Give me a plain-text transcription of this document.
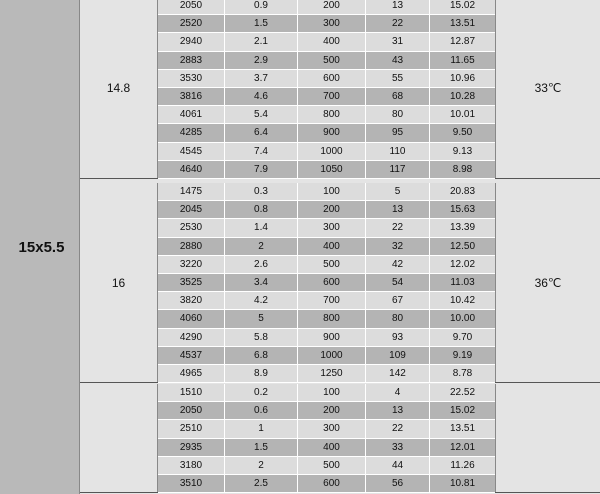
15x5.5
14.8
2050	0.9	200	13	15.02
2520	1.5	300	22	13.51
2940	2.1	400	31	12.87
2883	2.9	500	43	11.65
3530	3.7	600	55	10.96
3816	4.6	700	68	10.28
4061	5.4	800	80	10.01
4285	6.4	900	95	9.50
4545	7.4	1000	110	9.13
4640	7.9	1050	117	8.98
33℃
16
1475	0.3	100	5	20.83
2045	0.8	200	13	15.63
2530	1.4	300	22	13.39
2880	2	400	32	12.50
3220	2.6	500	42	12.02
3525	3.4	600	54	11.03
3820	4.2	700	67	10.42
4060	5	800	80	10.00
4290	5.8	900	93	9.70
4537	6.8	1000	109	9.19
4965	8.9	1250	142	8.78
36℃
1510	0.2	100	4	22.52
2050	0.6	200	13	15.02
2510	1	300	22	13.51
2935	1.5	400	33	12.01
3180	2	500	44	11.26
3510	2.5	600	56	10.81
